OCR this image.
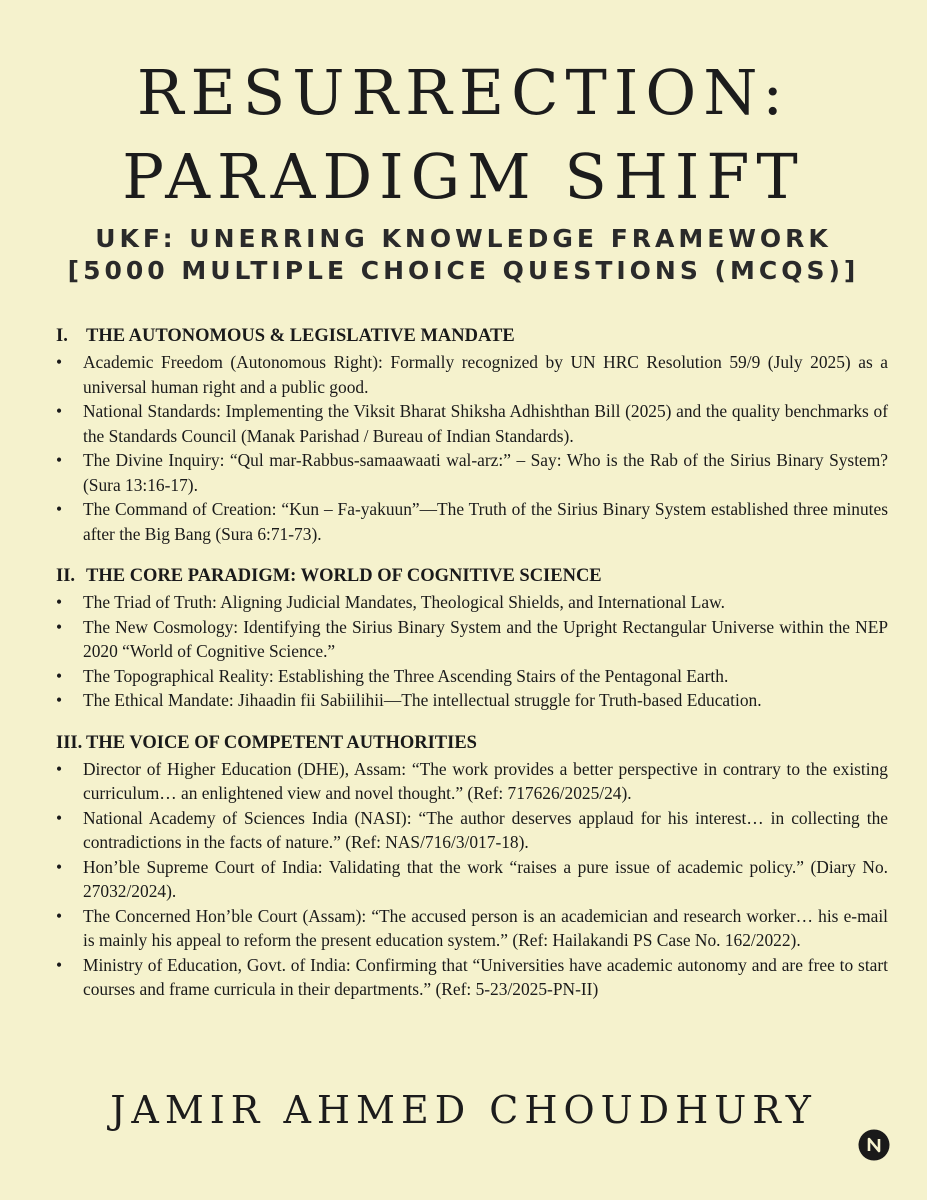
RESURRECTION:
PARADIGM SHIFT
UKF: UNERRING KNOWLEDGE FRAMEWORK
[5000 MULTIPLE CHOICE QUESTIONS (MCQS)]
I. THE AUTONOMOUS & LEGISLATIVE MANDATE
• Academic Freedom (Autonomous Right): Formally recognized by UN HRC Resolution 59/9 (July 2025) as a universal human right and a public good.
• National Standards: Implementing the Viksit Bharat Shiksha Adhishthan Bill (2025) and the quality benchmarks of the Standards Council (Manak Parishad / Bureau of Indian Standards).
• The Divine Inquiry: “Qul mar-Rabbus-samaawaati wal-arz:” – Say: Who is the Rab of the Sirius Binary System? (Sura 13:16-17).
• The Command of Creation: “Kun – Fa-yakuun”—The Truth of the Sirius Binary System established three minutes after the Big Bang (Sura 6:71-73).
II. THE CORE PARADIGM: WORLD OF COGNITIVE SCIENCE
• The Triad of Truth: Aligning Judicial Mandates, Theological Shields, and International Law.
• The New Cosmology: Identifying the Sirius Binary System and the Upright Rectangular Universe within the NEP 2020 “World of Cognitive Science.”
• The Topographical Reality: Establishing the Three Ascending Stairs of the Pentagonal Earth.
• The Ethical Mandate: Jihaadin fii Sabiilihii—The intellectual struggle for Truth-based Education.
III. THE VOICE OF COMPETENT AUTHORITIES
• Director of Higher Education (DHE), Assam: “The work provides a better perspective in contrary to the existing curriculum… an enlightened view and novel thought.” (Ref: 717626/2025/24).
• National Academy of Sciences India (NASI): “The author deserves applaud for his interest… in collecting the contradictions in the facts of nature.” (Ref: NAS/716/3/017-18).
• Hon’ble Supreme Court of India: Validating that the work “raises a pure issue of academic policy.” (Diary No. 27032/2024).
• The Concerned Hon’ble Court (Assam): “The accused person is an academician and research worker… his e-mail is mainly his appeal to reform the present education system.” (Ref: Hailakandi PS Case No. 162/2022).
• Ministry of Education, Govt. of India: Confirming that “Universities have academic autonomy and are free to start courses and frame curricula in their departments.” (Ref: 5-23/2025-PN-II)
JAMIR AHMED CHOUDHURY
